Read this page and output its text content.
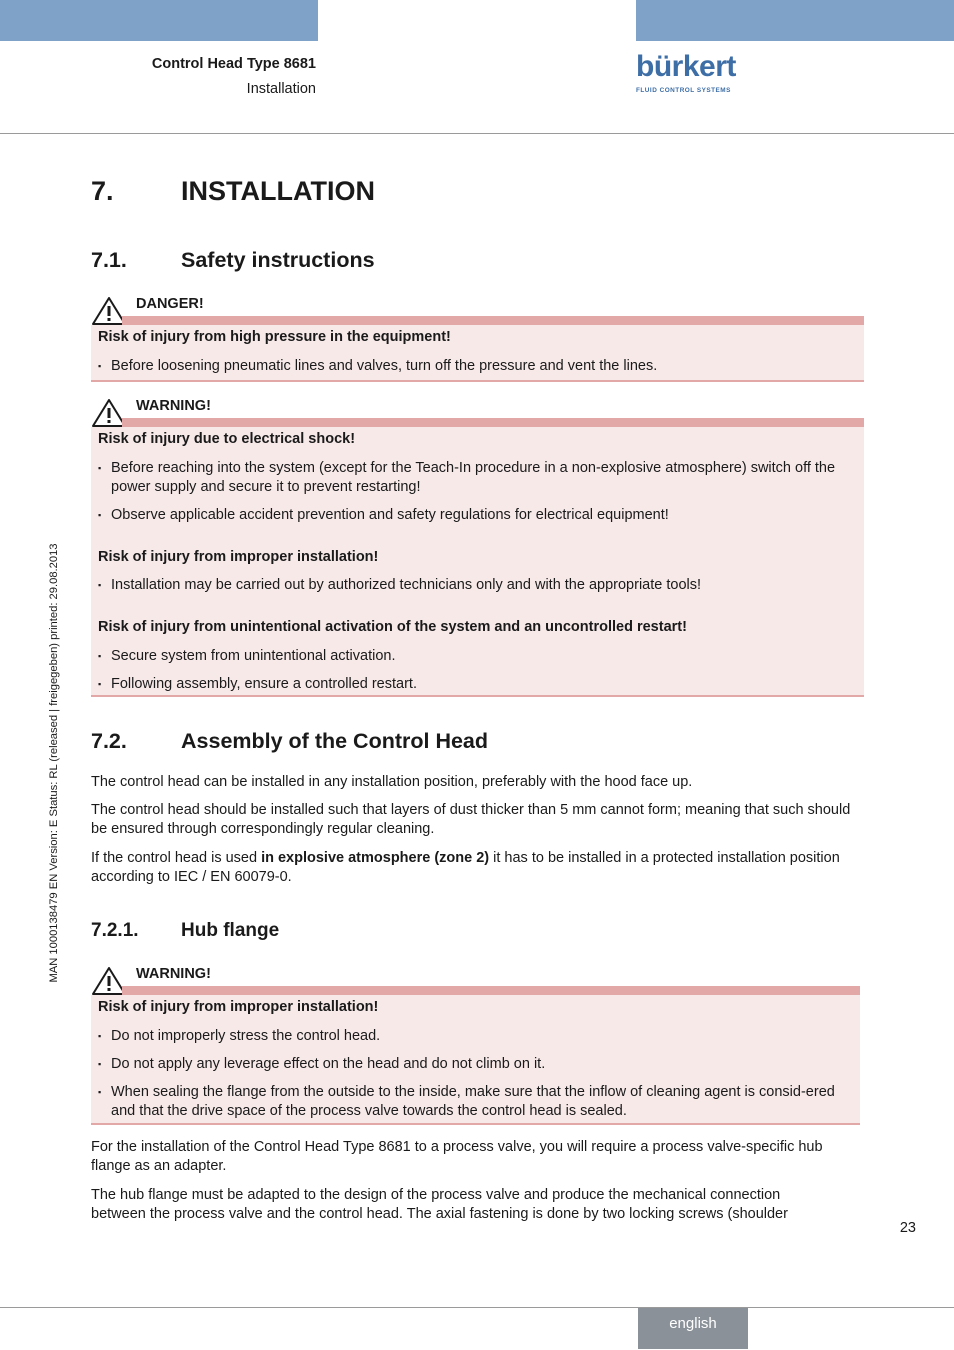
Control Head Type 8681
Installation
bürkert
FLUID CONTROL SYSTEMS
MAN 1000138479 EN Version: E Status: RL (released | freigegeben) printed: 29.08.2013
7. INSTALLATION
7.1.	Safety instructions
DANGER!

Risk of injury from high pressure in the equipment!

▪ Before loosening pneumatic lines and valves, turn off the pressure and vent the lines.

WARNING!

Risk of injury due to electrical shock!

▪ Before reaching into the system (except for the Teach-In procedure in a non-explosive atmosphere) switch off the power supply and secure it to prevent restarting!

▪ Observe applicable accident prevention and safety regulations for electrical equipment!

Risk of injury from improper installation!

▪ Installation may be carried out by authorized technicians only and with the appropriate tools!

Risk of injury from unintentional activation of the system and an uncontrolled restart!

▪ Secure system from unintentional activation.

▪ Following assembly, ensure a controlled restart.

7.2.	Assembly of the Control Head

The control head can be installed in any installation position, preferably with the hood face up.

The control head should be installed such that layers of dust thicker than 5 mm cannot form; meaning that such should be ensured through correspondingly regular cleaning.

If the control head is used in explosive atmosphere (zone 2) it has to be installed in a protected installation position according to IEC / EN 60079-0.

7.2.1. Hub flange
WARNING!

Risk of injury from improper installation!

▪ Do not improperly stress the control head.

▪ Do not apply any leverage effect on the head and do not climb on it.

▪ When sealing the flange from the outside to the inside, make sure that the inflow of cleaning agent is consid-ered and that the drive space of the process valve towards the control head is sealed.

For the installation of the Control Head Type 8681 to a process valve, you will require a process valve-specific hub flange as an adapter.

The hub flange must be adapted to the design of the process valve and produce the mechanical connection between the process valve and the control head. The axial fastening is done by two locking screws (shoulder

23
english
